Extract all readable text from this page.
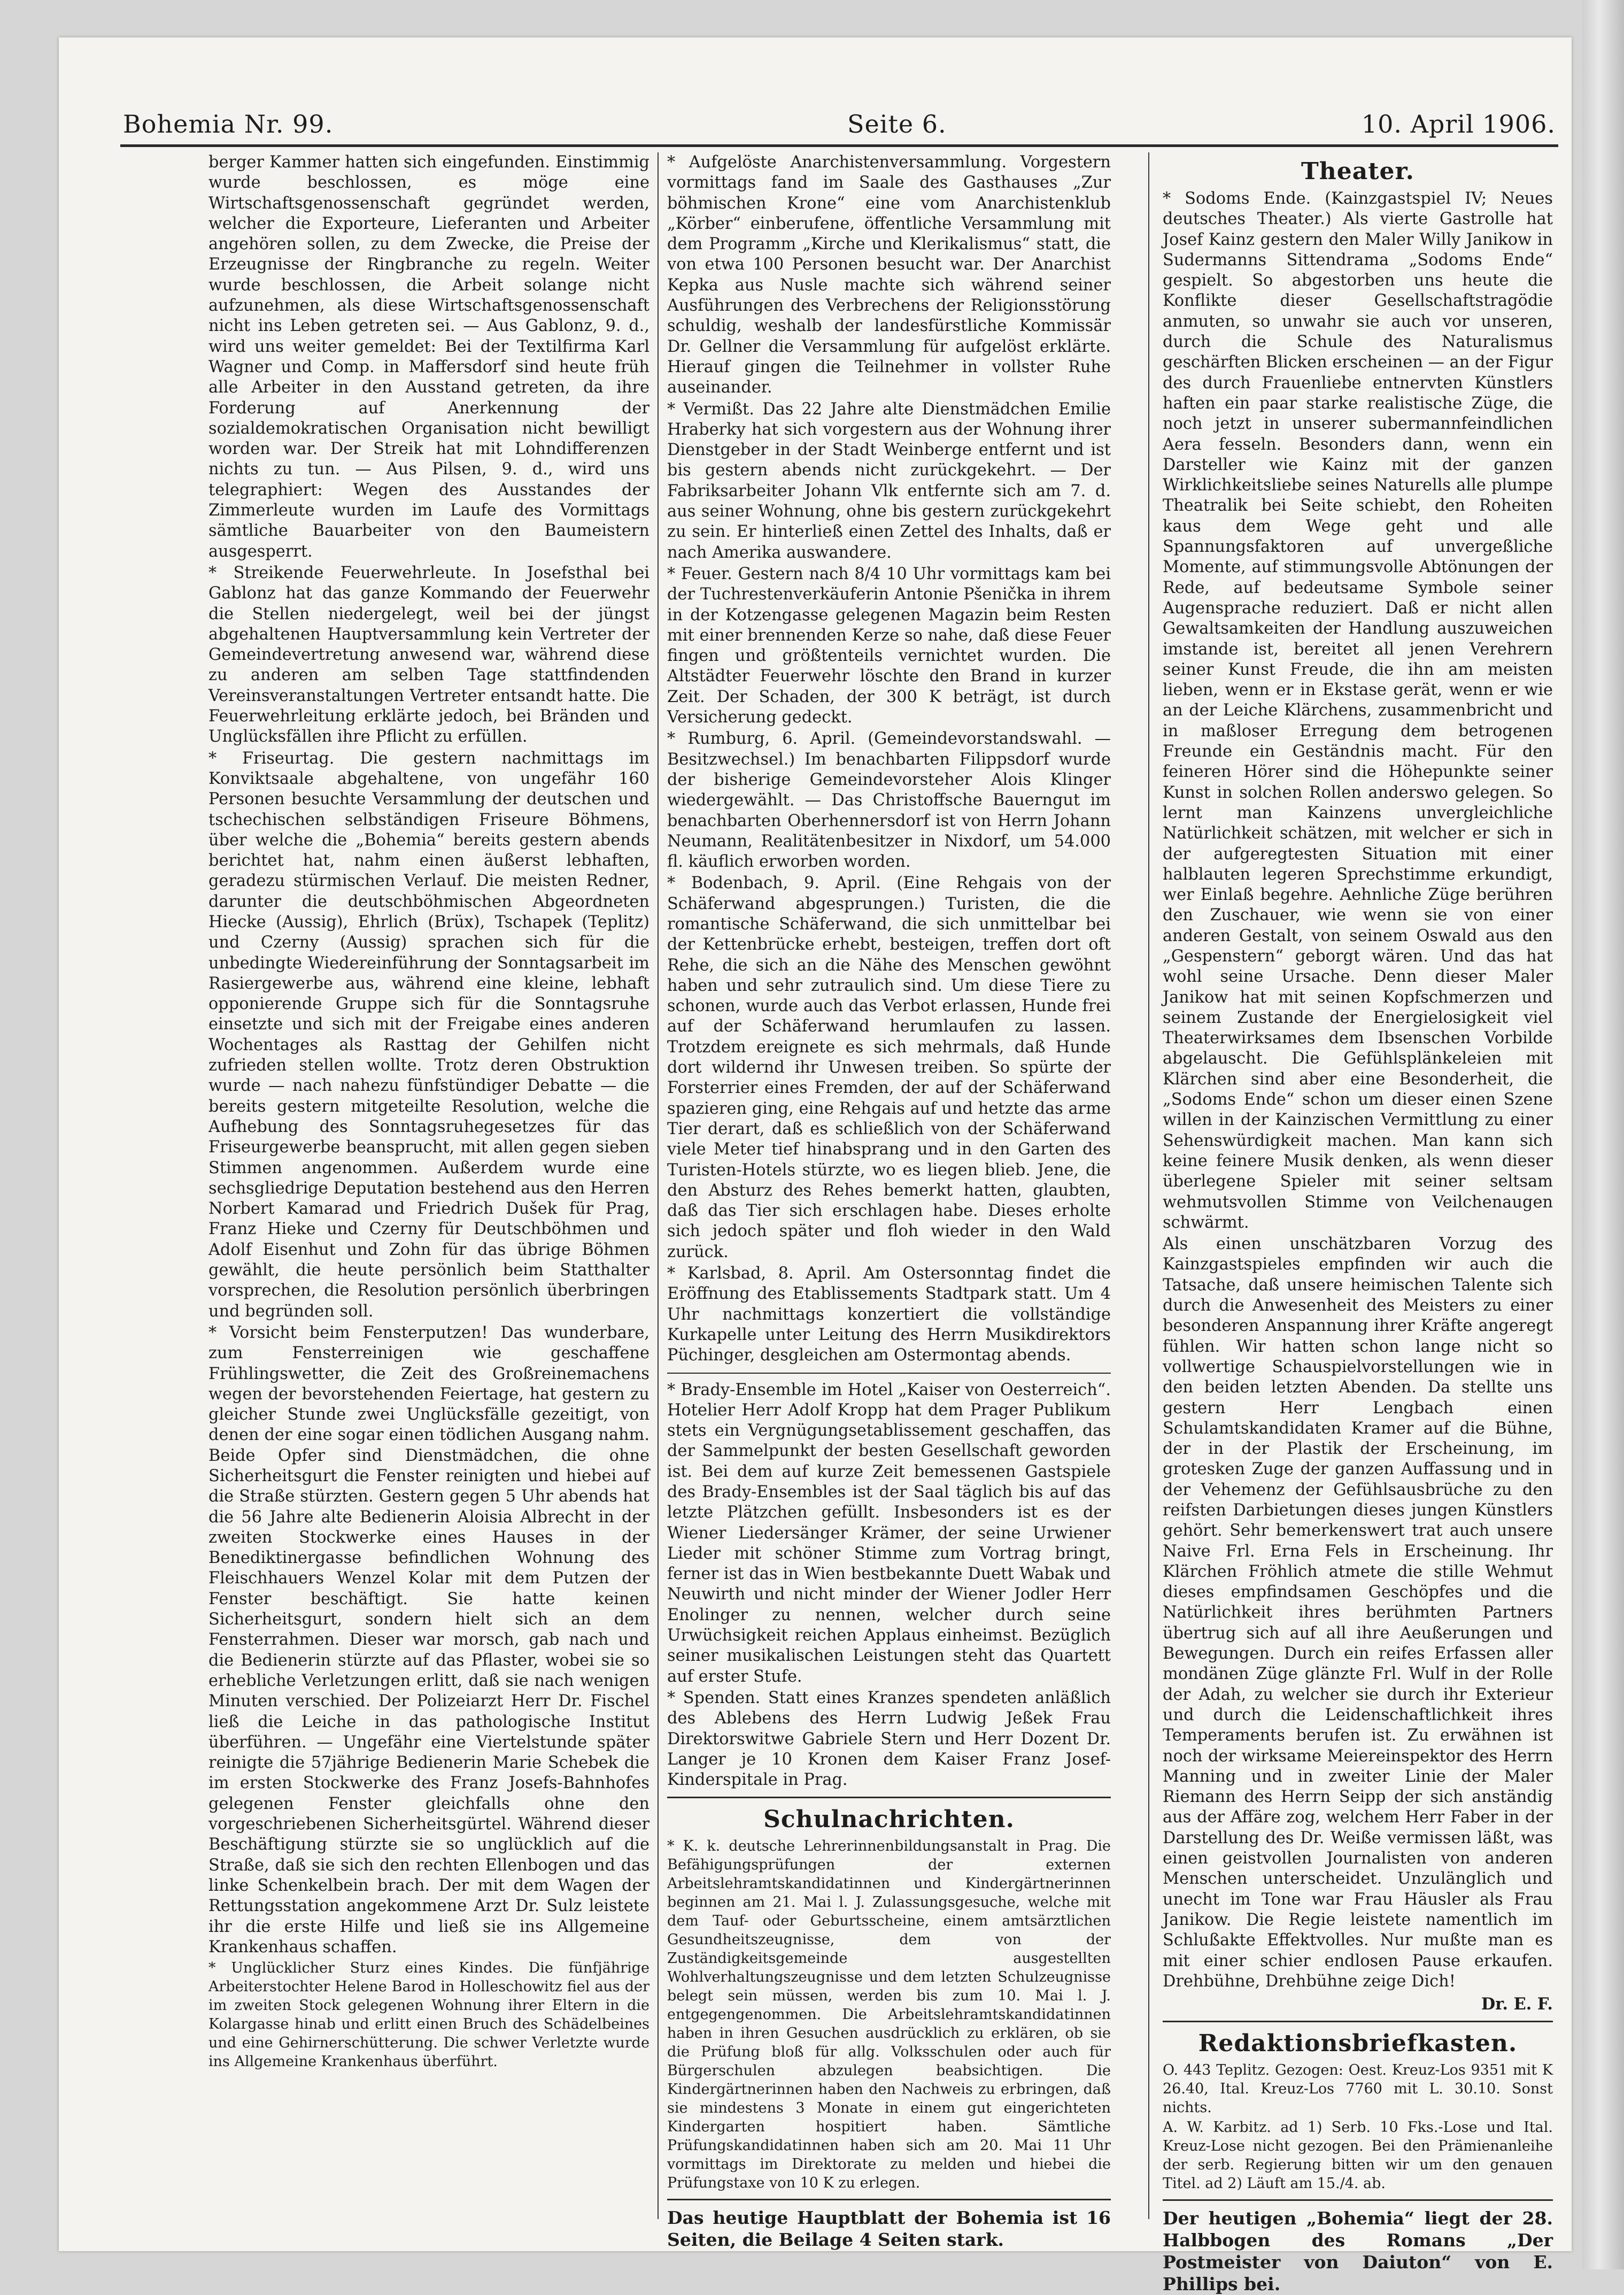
Bohemia Nr. 99.	Seite 6.	10. April 1906.

berger Kammer hatten sich eingefunden. Einstimmig wurde beschlossen, es möge eine Wirtschaftsgenossenschaft gegründet werden, welcher die Exporteure, Lieferanten und Arbeiter angehören sollen, zu dem Zwecke, die Preise der Erzeugnisse der Ringbranche zu regeln. Weiter wurde beschlossen, die Arbeit solange nicht aufzunehmen, als diese Wirtschaftsgenossenschaft nicht ins Leben getreten sei. — Aus Gablonz, 9. d., wird uns weiter gemeldet: Bei der Textilfirma Karl Wagner und Comp. in Maffersdorf sind heute früh alle Arbeiter in den Ausstand getreten, da ihre Forderung auf Anerkennung der sozialdemokratischen Organisation nicht bewilligt worden war. Der Streik hat mit Lohndifferenzen nichts zu tun. — Aus Pilsen, 9. d., wird uns telegraphiert: Wegen des Ausstandes der Zimmerleute wurden im Laufe des Vormittags sämtliche Bauarbeiter von den Baumeistern ausgesperrt.

* Streikende Feuerwehrleute. In Josefsthal bei Gablonz hat das ganze Kommando der Feuerwehr die Stellen niedergelegt, weil bei der jüngst abgehaltenen Hauptversammlung kein Vertreter der Gemeindevertretung anwesend war, während diese zu anderen am selben Tage stattfindenden Vereinsveranstaltungen Vertreter entsandt hatte. Die Feuerwehrleitung erklärte jedoch, bei Bränden und Unglücksfällen ihre Pflicht zu erfüllen.

* Friseurtag. Die gestern nachmittags im Konviktsaale abgehaltene, von ungefähr 160 Personen besuchte Versammlung der deutschen und tschechischen selbständigen Friseure Böhmens, über welche die „Bohemia“ bereits gestern abends berichtet hat, nahm einen äußerst lebhaften, geradezu stürmischen Verlauf. Die meisten Redner, darunter die deutschböhmischen Abgeordneten Hiecke (Aussig), Ehrlich (Brüx), Tschapek (Teplitz) und Czerny (Aussig) sprachen sich für die unbedingte Wiedereinführung der Sonntagsarbeit im Rasiergewerbe aus, während eine kleine, lebhaft opponierende Gruppe sich für die Sonntagsruhe einsetzte und sich mit der Freigabe eines anderen Wochentages als Rasttag der Gehilfen nicht zufrieden stellen wollte. Trotz deren Obstruktion wurde — nach nahezu fünfstündiger Debatte — die bereits gestern mitgeteilte Resolution, welche die Aufhebung des Sonntagsruhegesetzes für das Friseurgewerbe beansprucht, mit allen gegen sieben Stimmen angenommen. Außerdem wurde eine sechsgliedrige Deputation bestehend aus den Herren Norbert Kamarad und Friedrich Dušek für Prag, Franz Hieke und Czerny für Deutschböhmen und Adolf Eisenhut und Zohn für das übrige Böhmen gewählt, die heute persönlich beim Statthalter vorsprechen, die Resolution persönlich überbringen und begründen soll.

* Vorsicht beim Fensterputzen! Das wunderbare, zum Fensterreinigen wie geschaffene Frühlingswetter, die Zeit des Großreinemachens wegen der bevorstehenden Feiertage, hat gestern zu gleicher Stunde zwei Unglücksfälle gezeitigt, von denen der eine sogar einen tödlichen Ausgang nahm. Beide Opfer sind Dienstmädchen, die ohne Sicherheitsgurt die Fenster reinigten und hiebei auf die Straße stürzten. Gestern gegen 5 Uhr abends hat die 56 Jahre alte Bedienerin Aloisia Albrecht in der zweiten Stockwerke eines Hauses in der Benediktinergasse befindlichen Wohnung des Fleischhauers Wenzel Kolar mit dem Putzen der Fenster beschäftigt. Sie hatte keinen Sicherheitsgurt, sondern hielt sich an dem Fensterrahmen. Dieser war morsch, gab nach und die Bedienerin stürzte auf das Pflaster, wobei sie so erhebliche Verletzungen erlitt, daß sie nach wenigen Minuten verschied. Der Polizeiarzt Herr Dr. Fischel ließ die Leiche in das pathologische Institut überführen. — Ungefähr eine Viertelstunde später reinigte die 57jährige Bedienerin Marie Schebek die im ersten Stockwerke des Franz Josefs-Bahnhofes gelegenen Fenster gleichfalls ohne den vorgeschriebenen Sicherheitsgürtel. Während dieser Beschäftigung stürzte sie so unglücklich auf die Straße, daß sie sich den rechten Ellenbogen und das linke Schenkelbein brach. Der mit dem Wagen der Rettungsstation angekommene Arzt Dr. Sulz leistete ihr die erste Hilfe und ließ sie ins Allgemeine Krankenhaus schaffen.

* Unglücklicher Sturz eines Kindes. Die fünfjährige Arbeiterstochter Helene Barod in Holleschowitz fiel aus der im zweiten Stock gelegenen Wohnung ihrer Eltern in die Kolargasse hinab und erlitt einen Bruch des Schädelbeines und eine Gehirnerschütterung. Die schwer Verletzte wurde ins Allgemeine Krankenhaus überführt.

* Aufgelöste Anarchistenversammlung. Vorgestern vormittags fand im Saale des Gasthauses „Zur böhmischen Krone“ eine vom Anarchistenklub „Körber“ einberufene, öffentliche Versammlung mit dem Programm „Kirche und Klerikalismus“ statt, die von etwa 100 Personen besucht war. Der Anarchist Kepka aus Nusle machte sich während seiner Ausführungen des Verbrechens der Religionsstörung schuldig, weshalb der landesfürstliche Kommissär Dr. Gellner die Versammlung für aufgelöst erklärte. Hierauf gingen die Teilnehmer in vollster Ruhe auseinander.

* Vermißt. Das 22 Jahre alte Dienstmädchen Emilie Hraberky hat sich vorgestern aus der Wohnung ihrer Dienstgeber in der Stadt Weinberge entfernt und ist bis gestern abends nicht zurückgekehrt. — Der Fabriksarbeiter Johann Vlk entfernte sich am 7. d. aus seiner Wohnung, ohne bis gestern zurückgekehrt zu sein. Er hinterließ einen Zettel des Inhalts, daß er nach Amerika auswandere.

* Feuer. Gestern nach 8/4 10 Uhr vormittags kam bei der Tuchrestenverkäuferin Antonie Pšenička in ihrem in der Kotzengasse gelegenen Magazin beim Resten mit einer brennenden Kerze so nahe, daß diese Feuer fingen und größtenteils vernichtet wurden. Die Altstädter Feuerwehr löschte den Brand in kurzer Zeit. Der Schaden, der 300 K beträgt, ist durch Versicherung gedeckt.

* Rumburg, 6. April. (Gemeindevorstandswahl. — Besitzwechsel.) Im benachbarten Filippsdorf wurde der bisherige Gemeindevorsteher Alois Klinger wiedergewählt. — Das Christoffsche Bauerngut im benachbarten Oberhennersdorf ist von Herrn Johann Neumann, Realitätenbesitzer in Nixdorf, um 54.000 fl. käuflich erworben worden.

* Bodenbach, 9. April. (Eine Rehgais von der Schäferwand abgesprungen.) Turisten, die die romantische Schäferwand, die sich unmittelbar bei der Kettenbrücke erhebt, besteigen, treffen dort oft Rehe, die sich an die Nähe des Menschen gewöhnt haben und sehr zutraulich sind. Um diese Tiere zu schonen, wurde auch das Verbot erlassen, Hunde frei auf der Schäferwand herumlaufen zu lassen. Trotzdem ereignete es sich mehrmals, daß Hunde dort wildernd ihr Unwesen treiben. So spürte der Forsterrier eines Fremden, der auf der Schäferwand spazieren ging, eine Rehgais auf und hetzte das arme Tier derart, daß es schließlich von der Schäferwand viele Meter tief hinabsprang und in den Garten des Turisten-Hotels stürzte, wo es liegen blieb. Jene, die den Absturz des Rehes bemerkt hatten, glaubten, daß das Tier sich erschlagen habe. Dieses erholte sich jedoch später und floh wieder in den Wald zurück.

* Karlsbad, 8. April. Am Ostersonntag findet die Eröffnung des Etablissements Stadtpark statt. Um 4 Uhr nachmittags konzertiert die vollständige Kurkapelle unter Leitung des Herrn Musikdirektors Püchinger, desgleichen am Ostermontag abends.

* Brady-Ensemble im Hotel „Kaiser von Oesterreich“. Hotelier Herr Adolf Kropp hat dem Prager Publikum stets ein Vergnügungsetablissement geschaffen, das der Sammelpunkt der besten Gesellschaft geworden ist. Bei dem auf kurze Zeit bemessenen Gastspiele des Brady-Ensembles ist der Saal täglich bis auf das letzte Plätzchen gefüllt. Insbesonders ist es der Wiener Liedersänger Krämer, der seine Urwiener Lieder mit schöner Stimme zum Vortrag bringt, ferner ist das in Wien bestbekannte Duett Wabak und Neuwirth und nicht minder der Wiener Jodler Herr Enolinger zu nennen, welcher durch seine Urwüchsigkeit reichen Applaus einheimst. Bezüglich seiner musikalischen Leistungen steht das Quartett auf erster Stufe.

* Spenden. Statt eines Kranzes spendeten anläßlich des Ablebens des Herrn Ludwig Jeßek Frau Direktorswitwe Gabriele Stern und Herr Dozent Dr. Langer je 10 Kronen dem Kaiser Franz Josef-Kinderspitale in Prag.

Schulnachrichten.

* K. k. deutsche Lehrerinnenbildungsanstalt in Prag. Die Befähigungsprüfungen der externen Arbeitslehramtskandidatinnen und Kindergärtnerinnen beginnen am 21. Mai l. J. Zulassungsgesuche, welche mit dem Tauf- oder Geburtsscheine, einem amtsärztlichen Gesundheitszeugnisse, dem von der Zuständigkeitsgemeinde ausgestellten Wohlverhaltungszeugnisse und dem letzten Schulzeugnisse belegt sein müssen, werden bis zum 10. Mai l. J. entgegengenommen. Die Arbeitslehramtskandidatinnen haben in ihren Gesuchen ausdrücklich zu erklären, ob sie die Prüfung bloß für allg. Volksschulen oder auch für Bürgerschulen abzulegen beabsichtigen. Die Kindergärtnerinnen haben den Nachweis zu erbringen, daß sie mindestens 3 Monate in einem gut eingerichteten Kindergarten hospitiert haben. Sämtliche Prüfungskandidatinnen haben sich am 20. Mai 11 Uhr vormittags im Direktorate zu melden und hiebei die Prüfungstaxe von 10 K zu erlegen.

Das heutige Hauptblatt der Bohemia ist 16 Seiten, die Beilage 4 Seiten stark.

Theater.

* Sodoms Ende. (Kainzgastspiel IV; Neues deutsches Theater.) Als vierte Gastrolle hat Josef Kainz gestern den Maler Willy Janikow in Sudermanns Sittendrama „Sodoms Ende“ gespielt. So abgestorben uns heute die Konflikte dieser Gesellschaftstragödie anmuten, so unwahr sie auch vor unseren, durch die Schule des Naturalismus geschärften Blicken erscheinen — an der Figur des durch Frauenliebe entnervten Künstlers haften ein paar starke realistische Züge, die noch jetzt in unserer subermannfeindlichen Aera fesseln. Besonders dann, wenn ein Darsteller wie Kainz mit der ganzen Wirklichkeitsliebe seines Naturells alle plumpe Theatralik bei Seite schiebt, den Roheiten kaus dem Wege geht und alle Spannungsfaktoren auf unvergeßliche Momente, auf stimmungsvolle Abtönungen der Rede, auf bedeutsame Symbole seiner Augensprache reduziert. Daß er nicht allen Gewaltsamkeiten der Handlung auszuweichen imstande ist, bereitet all jenen Verehrern seiner Kunst Freude, die ihn am meisten lieben, wenn er in Ekstase gerät, wenn er wie an der Leiche Klärchens, zusammenbricht und in maßloser Erregung dem betrogenen Freunde ein Geständnis macht. Für den feineren Hörer sind die Höhepunkte seiner Kunst in solchen Rollen anderswo gelegen. So lernt man Kainzens unvergleichliche Natürlichkeit schätzen, mit welcher er sich in der aufgeregtesten Situation mit einer halblauten legeren Sprechstimme erkundigt, wer Einlaß begehre. Aehnliche Züge berühren den Zuschauer, wie wenn sie von einer anderen Gestalt, von seinem Oswald aus den „Gespenstern“ geborgt wären. Und das hat wohl seine Ursache. Denn dieser Maler Janikow hat mit seinen Kopfschmerzen und seinem Zustande der Energielosigkeit viel Theaterwirksames dem Ibsenschen Vorbilde abgelauscht. Die Gefühlsplänkeleien mit Klärchen sind aber eine Besonderheit, die „Sodoms Ende“ schon um dieser einen Szene willen in der Kainzischen Vermittlung zu einer Sehenswürdigkeit machen. Man kann sich keine feinere Musik denken, als wenn dieser überlegene Spieler mit seiner seltsam wehmutsvollen Stimme von Veilchenaugen schwärmt.

Als einen unschätzbaren Vorzug des Kainzgastspieles empfinden wir auch die Tatsache, daß unsere heimischen Talente sich durch die Anwesenheit des Meisters zu einer besonderen Anspannung ihrer Kräfte angeregt fühlen. Wir hatten schon lange nicht so vollwertige Schauspielvorstellungen wie in den beiden letzten Abenden. Da stellte uns gestern Herr Lengbach einen Schulamtskandidaten Kramer auf die Bühne, der in der Plastik der Erscheinung, im grotesken Zuge der ganzen Auffassung und in der Vehemenz der Gefühlsausbrüche zu den reifsten Darbietungen dieses jungen Künstlers gehört. Sehr bemerkenswert trat auch unsere Naive Frl. Erna Fels in Erscheinung. Ihr Klärchen Fröhlich atmete die stille Wehmut dieses empfindsamen Geschöpfes und die Natürlichkeit ihres berühmten Partners übertrug sich auf all ihre Aeußerungen und Bewegungen. Durch ein reifes Erfassen aller mondänen Züge glänzte Frl. Wulf in der Rolle der Adah, zu welcher sie durch ihr Exterieur und durch die Leidenschaftlichkeit ihres Temperaments berufen ist. Zu erwähnen ist noch der wirksame Meiereinspektor des Herrn Manning und in zweiter Linie der Maler Riemann des Herrn Seipp der sich anständig aus der Affäre zog, welchem Herr Faber in der Darstellung des Dr. Weiße vermissen läßt, was einen geistvollen Journalisten von anderen Menschen unterscheidet. Unzulänglich und unecht im Tone war Frau Häusler als Frau Janikow. Die Regie leistete namentlich im Schlußakte Effektvolles. Nur mußte man es mit einer schier endlosen Pause erkaufen. Drehbühne, Drehbühne zeige Dich!

Dr. E. F.
Redaktionsbriefkasten.

O. 443 Teplitz. Gezogen: Oest. Kreuz-Los 9351 mit K 26.40, Ital. Kreuz-Los 7760 mit L. 30.10. Sonst nichts.

A. W. Karbitz. ad 1) Serb. 10 Fks.-Lose und Ital. Kreuz-Lose nicht gezogen. Bei den Prämienanleihe der serb. Regierung bitten wir um den genauen Titel. ad 2) Läuft am 15./4. ab.

Der heutigen „Bohemia“ liegt der 28. Halbbogen des Romans „Der Postmeister von Daiuton“ von E. Phillips bei.
